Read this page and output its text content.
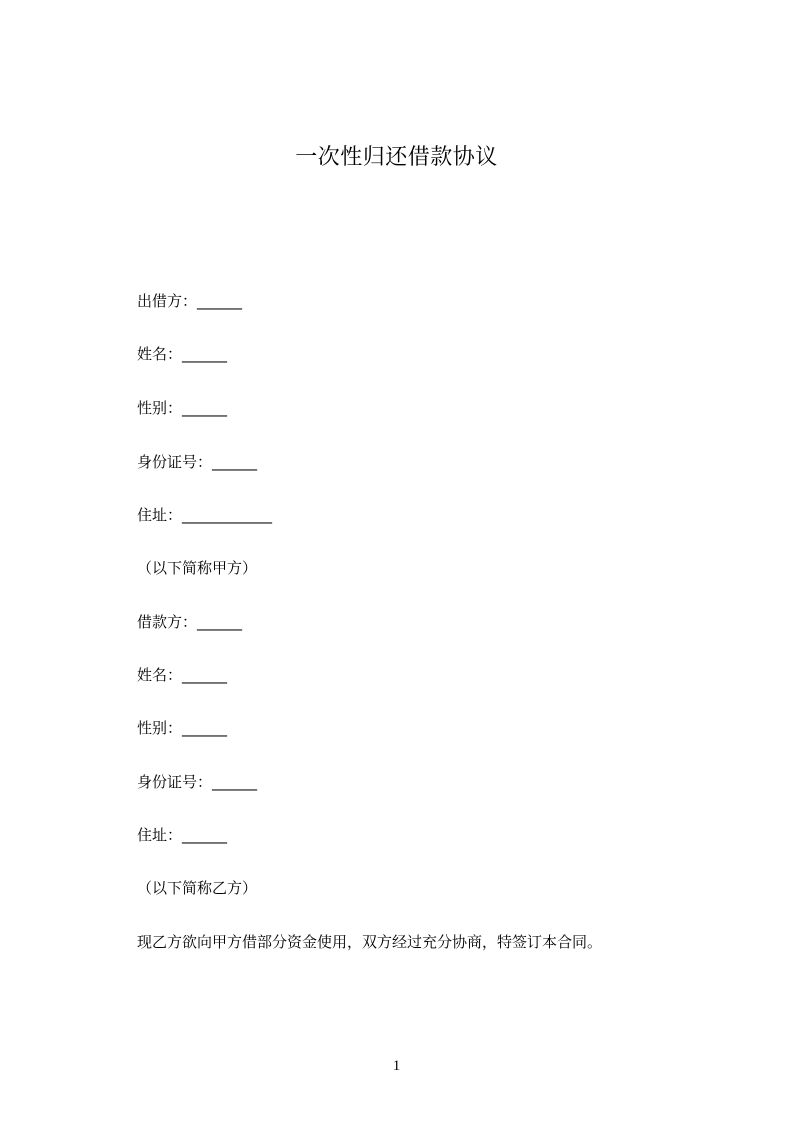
一次性归还借款协议
出借方：______
姓名：______
性别：______
身份证号：______
住址：____________
（以下简称甲方）
借款方：______
姓名：______
性别：______
身份证号：______
住址：______
（以下简称乙方）
现乙方欲向甲方借部分资金使用，双方经过充分协商，特签订本合同。
1
